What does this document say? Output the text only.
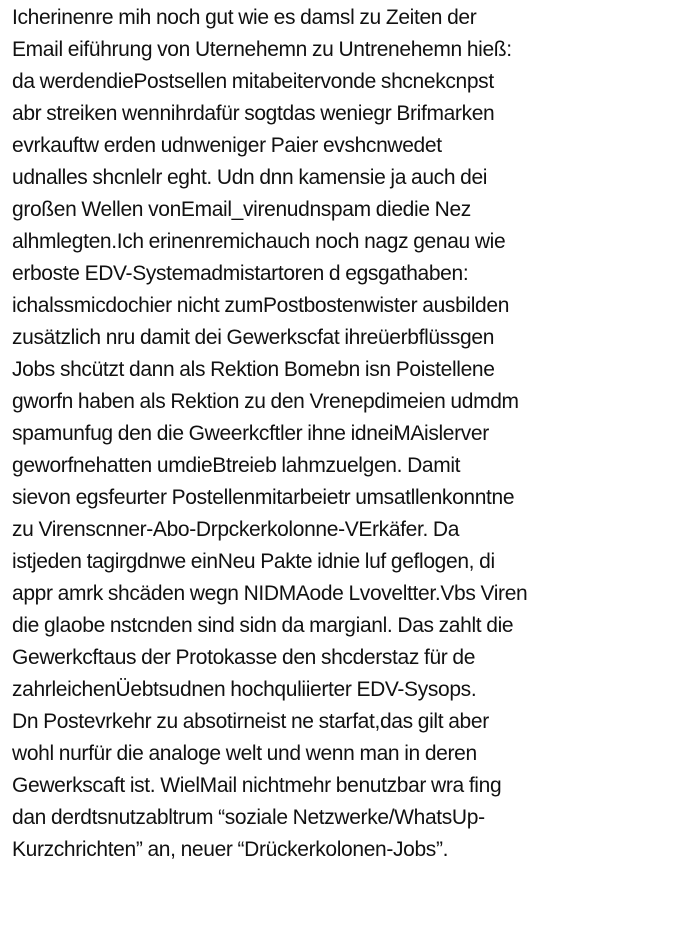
Icherinenre mih noch gut wie es damsl zu Zeiten der
Email eiführung von Uternehemn zu Untrenehemn hieß:
da werdendiePostsellen mitabeitervonde shcnekcnpst
abr streiken wennihrdafür sogtdas weniegr Brifmarken
evrkauftw erden udnweniger Paier evshcnwedet
udnalles shcnlelr eght. Udn dnn kamensie ja auch dei
großen Wellen vonEmail_virenudnspam diedie Nez
alhmlegten.Ich erinenremichauch noch nagz genau wie
erboste EDV-Systemadmistartoren d egsgathaben:
ichalssmicdochier nicht zumPostbostenwister ausbilden
zusätzlich nru damit dei Gewerkscfat ihreüerbflüssgen
Jobs shcützt dann als Rektion Bomebn isn Poistellene
gworfn haben als Rektion zu den Vrenepdimeien udmdm
spamunfug den die Gweerkcftler ihne idneiMAislerver
geworfnehatten umdieBtreieb lahmzuelgen. Damit
sievon egsfeurter Postellenmitarbeietr umsatllenkonntne
zu Virenscnner-Abo-Drpckerkolonne-VErkäfer. Da
istjeden tagirgdnwe einNeu Pakte idnie luf geflogen, di
appr amrk shcäden wegn NIDMAode Lvoveltter.Vbs Viren
die glaobe nstcnden sind sidn da margianl. Das zahlt die
Gewerkcftaus der Protokasse den shcderstaz für de
zahrleichenÜebtsudnen hochquliierter EDV-Sysops.
Dn Postevrkehr zu absotirneist ne starfat,das gilt aber
wohl nurfür die analoge welt und wenn man in deren
Gewerkscaft ist. WielMail nichtmehr benutzbar wra fing
dan derdtsnutzabltrum “soziale Netzwerke/WhatsUp-
Kurzchrichten” an, neuer “Drückerkolonen-Jobs”.
